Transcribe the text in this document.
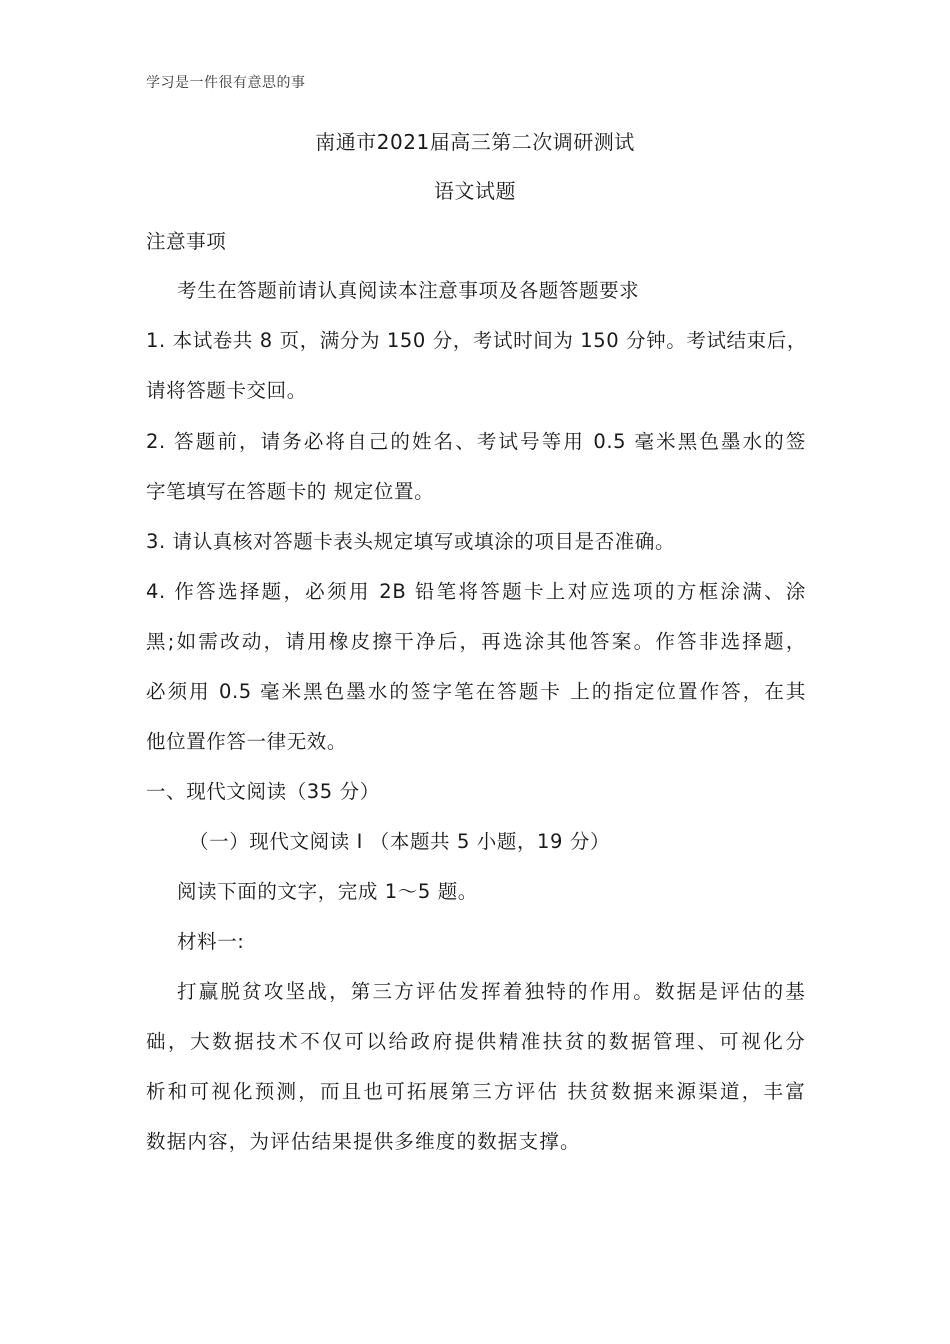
学习是一件很有意思的事
南通市2021届高三第二次调研测试
语文试题
注意事项
考生在答题前请认真阅读本注意事项及各题答题要求
1. 本试卷共 8 页，满分为 150 分，考试时间为 150 分钟。考试结束后，
请将答题卡交回。
2. 答题前，请务必将自己的姓名、考试号等用 0.5 毫米黑色墨水的签
字笔填写在答题卡的 规定位置。
3. 请认真核对答题卡表头规定填写或填涂的项目是否准确。
4. 作答选择题，必须用 2B 铅笔将答题卡上对应选项的方框涂满、涂
黑;如需改动，请用橡皮擦干净后，再选涂其他答案。作答非选择题，
必须用 0.5 毫米黑色墨水的签字笔在答题卡 上的指定位置作答，在其
他位置作答一律无效。
一、现代文阅读（35 分）
（一）现代文阅读 I （本题共 5 小题，19 分）
阅读下面的文字，完成 1～5 题。
材料一:
打赢脱贫攻坚战，第三方评估发挥着独特的作用。数据是评估的基
础，大数据技术不仅可以给政府提供精准扶贫的数据管理、可视化分
析和可视化预测，而且也可拓展第三方评估 扶贫数据来源渠道，丰富
数据内容，为评估结果提供多维度的数据支撑。
